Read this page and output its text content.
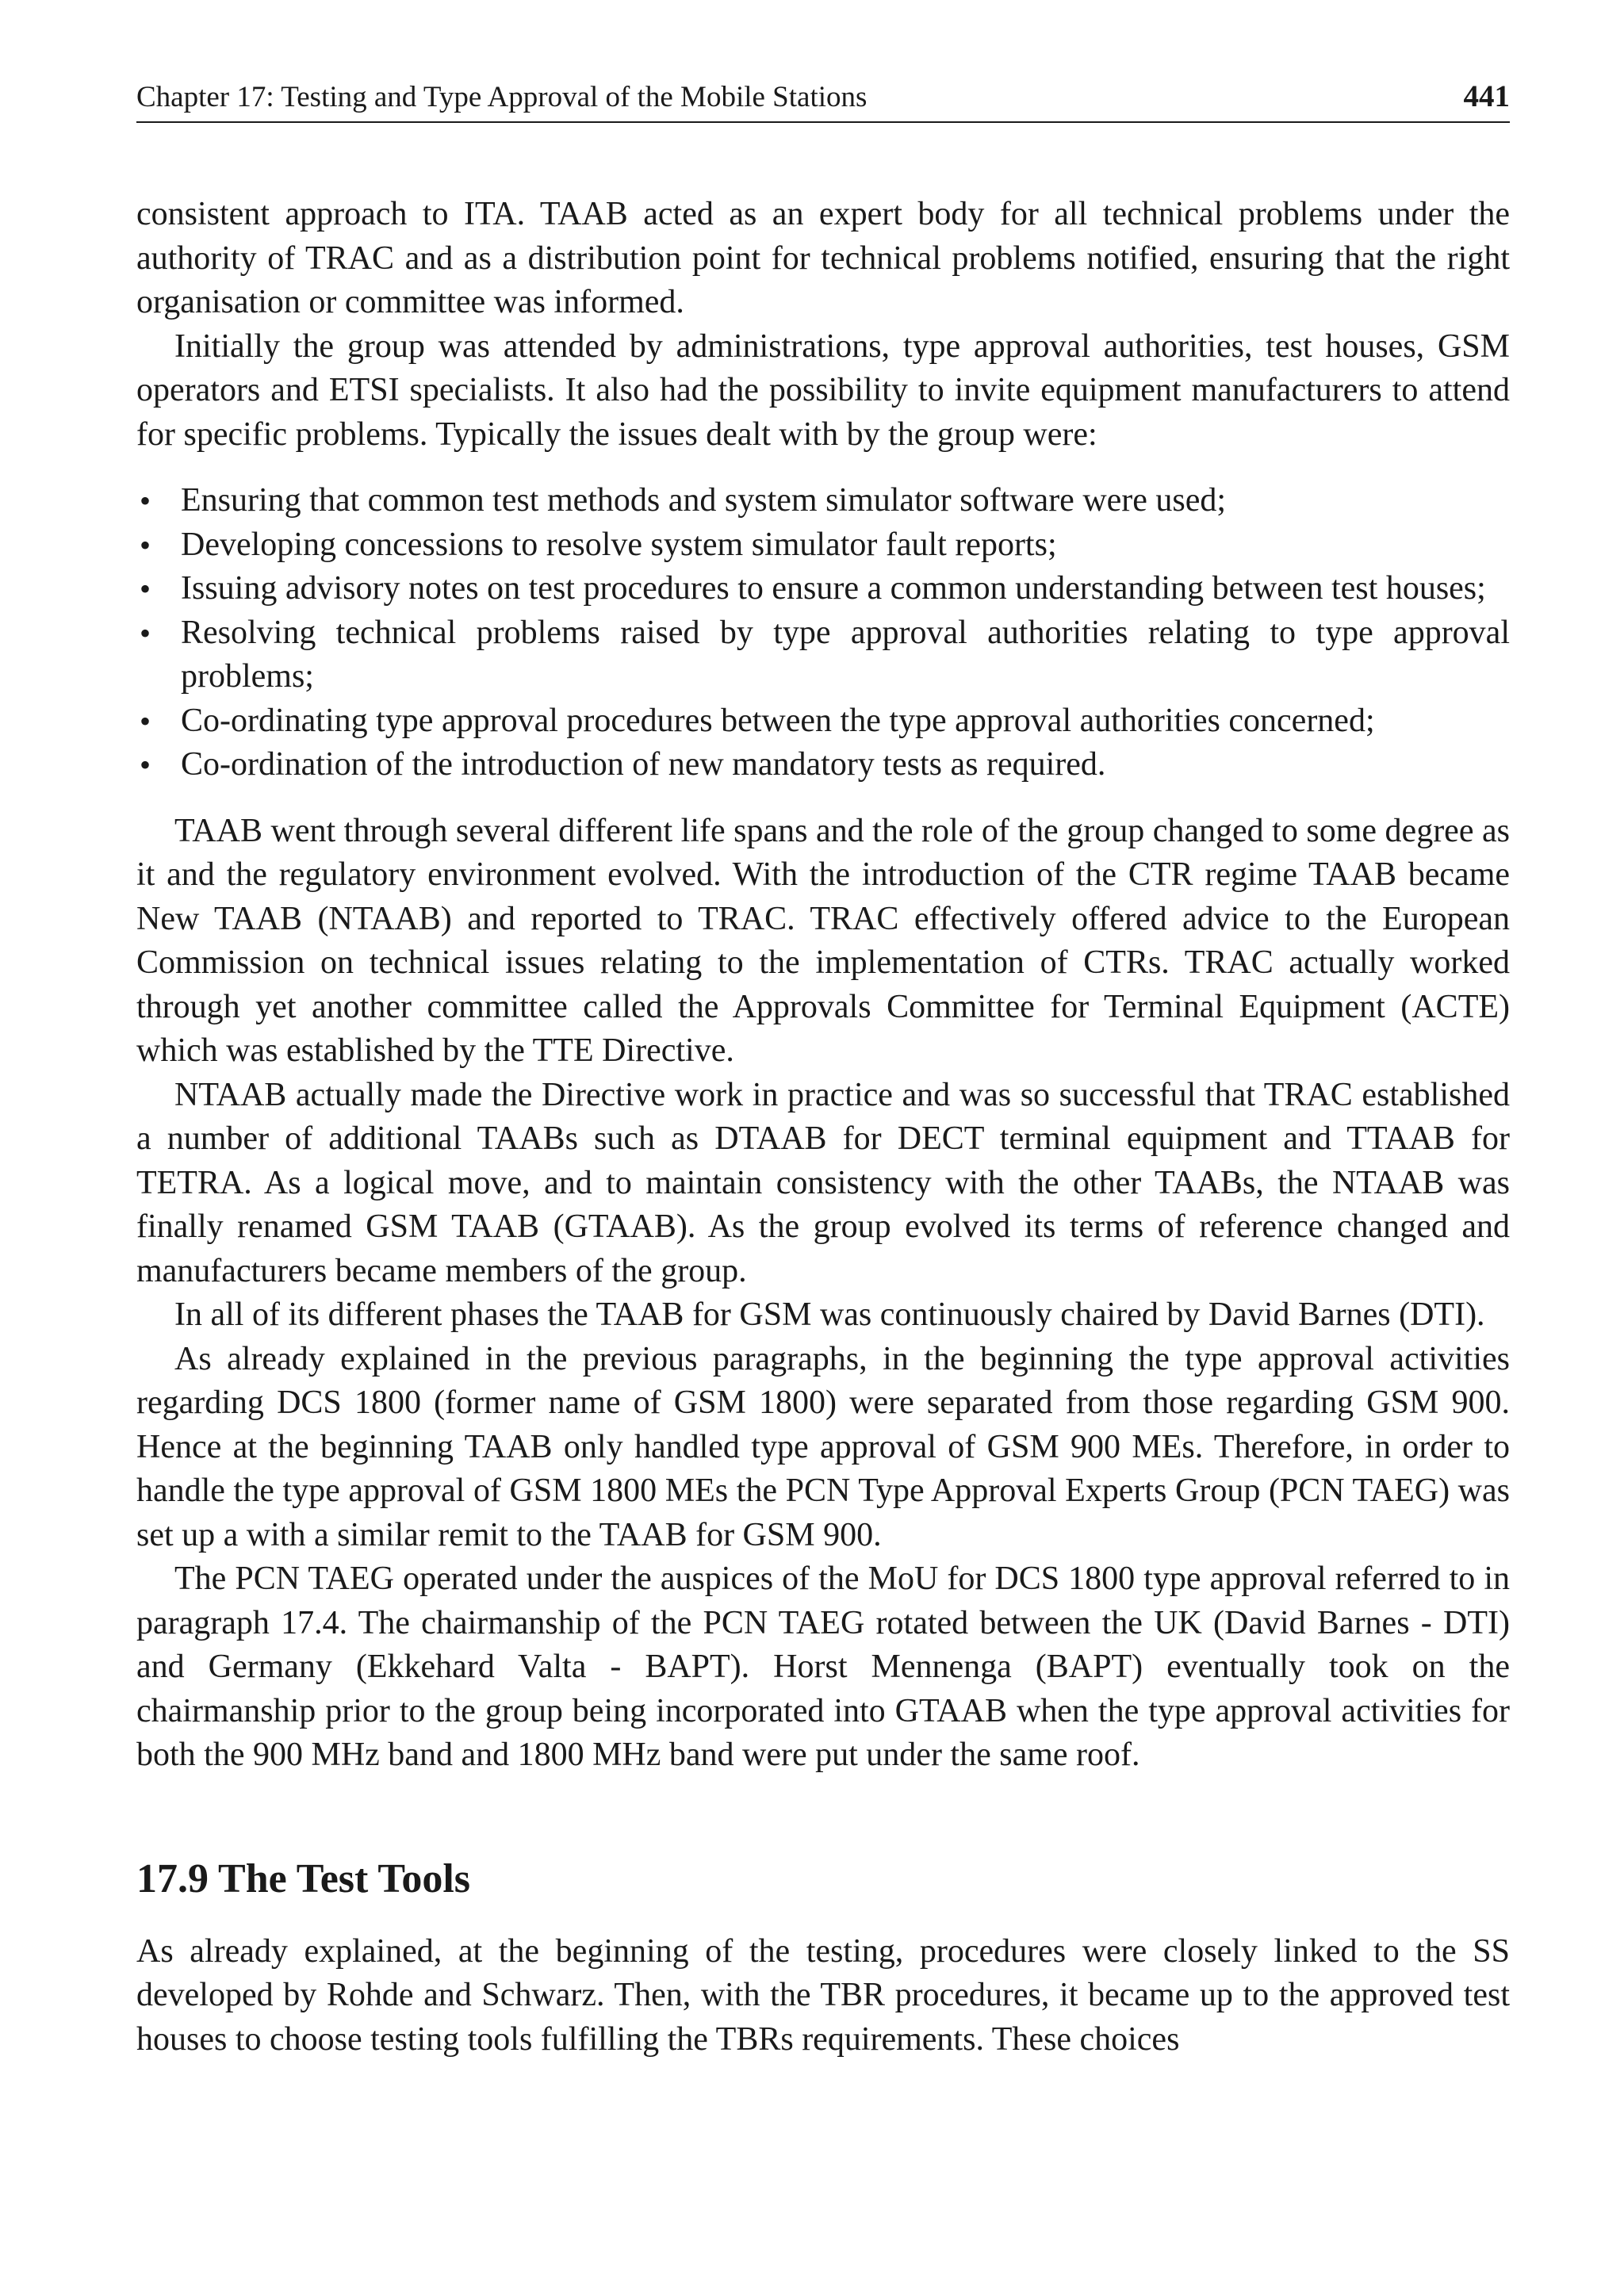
Chapter 17: Testing and Type Approval of the Mobile Stations	441

consistent approach to ITA. TAAB acted as an expert body for all technical problems under the authority of TRAC and as a distribution point for technical problems notified, ensuring that the right organisation or committee was informed.

Initially the group was attended by administrations, type approval authorities, test houses, GSM operators and ETSI specialists. It also had the possibility to invite equipment manufacturers to attend for specific problems. Typically the issues dealt with by the group were:

• Ensuring that common test methods and system simulator software were used;
• Developing concessions to resolve system simulator fault reports;
• Issuing advisory notes on test procedures to ensure a common understanding between test houses;
• Resolving technical problems raised by type approval authorities relating to type approval problems;
• Co-ordinating type approval procedures between the type approval authorities concerned;
• Co-ordination of the introduction of new mandatory tests as required.

TAAB went through several different life spans and the role of the group changed to some degree as it and the regulatory environment evolved. With the introduction of the CTR regime TAAB became New TAAB (NTAAB) and reported to TRAC. TRAC effectively offered advice to the European Commission on technical issues relating to the implementation of CTRs. TRAC actually worked through yet another committee called the Approvals Committee for Terminal Equipment (ACTE) which was established by the TTE Directive.

NTAAB actually made the Directive work in practice and was so successful that TRAC established a number of additional TAABs such as DTAAB for DECT terminal equipment and TTAAB for TETRA. As a logical move, and to maintain consistency with the other TAABs, the NTAAB was finally renamed GSM TAAB (GTAAB). As the group evolved its terms of reference changed and manufacturers became members of the group.

In all of its different phases the TAAB for GSM was continuously chaired by David Barnes (DTI).

As already explained in the previous paragraphs, in the beginning the type approval activities regarding DCS 1800 (former name of GSM 1800) were separated from those regarding GSM 900. Hence at the beginning TAAB only handled type approval of GSM 900 MEs. Therefore, in order to handle the type approval of GSM 1800 MEs the PCN Type Approval Experts Group (PCN TAEG) was set up a with a similar remit to the TAAB for GSM 900.

The PCN TAEG operated under the auspices of the MoU for DCS 1800 type approval referred to in paragraph 17.4. The chairmanship of the PCN TAEG rotated between the UK (David Barnes - DTI) and Germany (Ekkehard Valta - BAPT). Horst Mennenga (BAPT) eventually took on the chairmanship prior to the group being incorporated into GTAAB when the type approval activities for both the 900 MHz band and 1800 MHz band were put under the same roof.

17.9 The Test Tools

As already explained, at the beginning of the testing, procedures were closely linked to the SS developed by Rohde and Schwarz. Then, with the TBR procedures, it became up to the approved test houses to choose testing tools fulfilling the TBRs requirements. These choices
